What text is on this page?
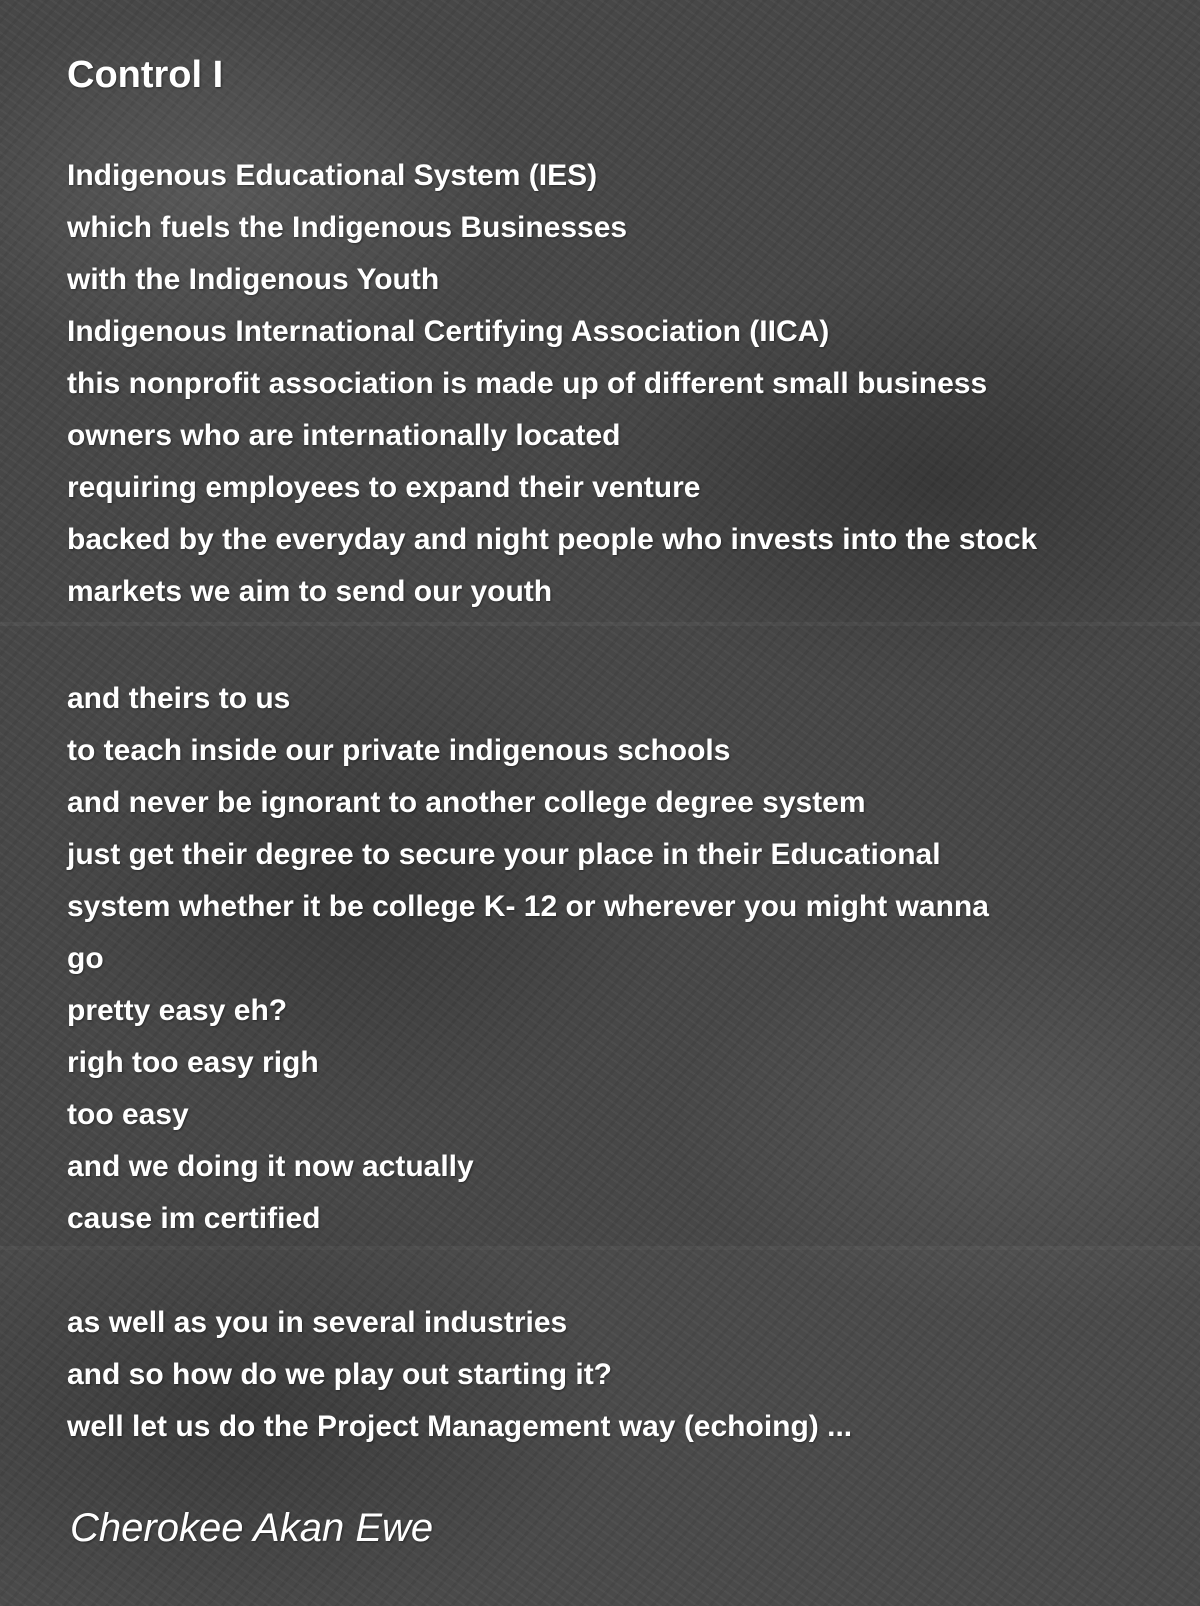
Control I
Indigenous Educational System (IES)
which fuels the Indigenous Businesses
with the Indigenous Youth
Indigenous International Certifying Association (IICA)
this nonprofit association is made up of different small business
owners who are internationally located
requiring employees to expand their venture
backed by the everyday and night people who invests into the stock
markets we aim to send our youth
and theirs to us
to teach inside our private indigenous schools
and never be ignorant to another college degree system
just get their degree to secure your place in their Educational
system whether it be college K- 12 or wherever you might wanna
go
pretty easy eh?
righ too easy righ
too easy
and we doing it now actually
cause im certified
as well as you in several industries
and so how do we play out starting it?
well let us do the Project Management way (echoing) ...

Cherokee Akan Ewe
